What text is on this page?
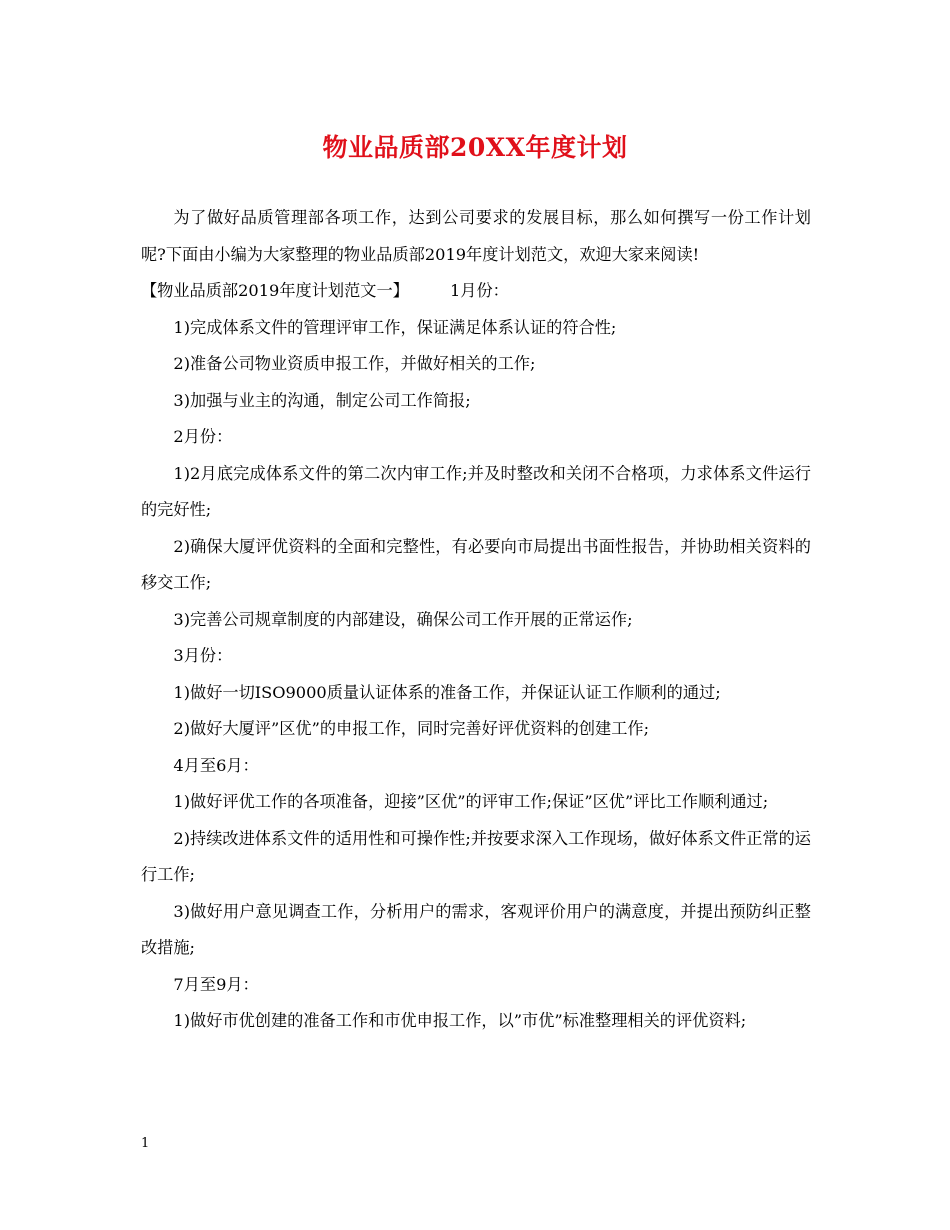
物业品质部20XX年度计划

为了做好品质管理部各项工作，达到公司要求的发展目标，那么如何撰写一份工作计划呢?下面由小编为大家整理的物业品质部2019年度计划范文，欢迎大家来阅读!

【物业品质部2019年度计划范文一】	1月份：

1)完成体系文件的管理评审工作，保证满足体系认证的符合性;

2)准备公司物业资质申报工作，并做好相关的工作;

3)加强与业主的沟通，制定公司工作简报;

2月份：

1)2月底完成体系文件的第二次内审工作;并及时整改和关闭不合格项，力求体系文件运行的完好性;

2)确保大厦评优资料的全面和完整性，有必要向市局提出书面性报告，并协助相关资料的移交工作;

3)完善公司规章制度的内部建设，确保公司工作开展的正常运作;

3月份：

1)做好一切ISO9000质量认证体系的准备工作，并保证认证工作顺利的通过;

2)做好大厦评”区优”的申报工作，同时完善好评优资料的创建工作;

4月至6月：

1)做好评优工作的各项准备，迎接”区优”的评审工作;保证”区优”评比工作顺利通过;

2)持续改进体系文件的适用性和可操作性;并按要求深入工作现场，做好体系文件正常的运行工作;

3)做好用户意见调查工作，分析用户的需求，客观评价用户的满意度，并提出预防纠正整改措施;

7月至9月：

1)做好市优创建的准备工作和市优申报工作，以”市优”标准整理相关的评优资料;

1
